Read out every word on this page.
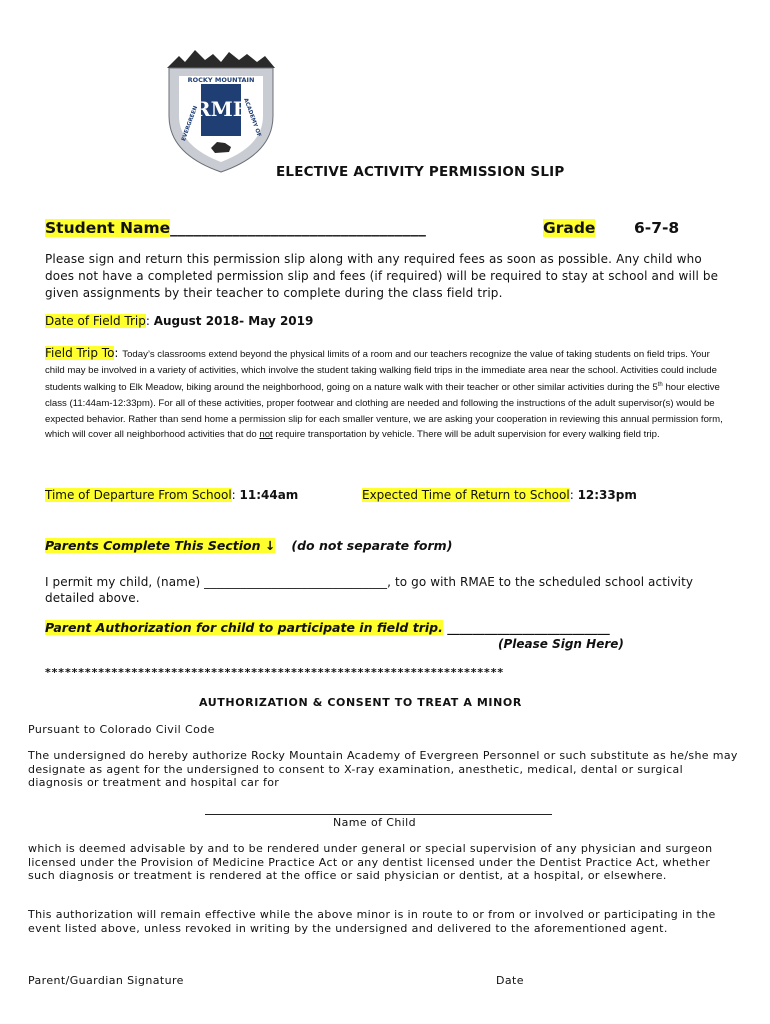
RME
ROCKY MOUNTAIN
EVERGREEN	ACADEMY OF
ELECTIVE ACTIVITY PERMISSION SLIP
Student Name_________________________________	Grade 6-7-8
Please sign and return this permission slip along with any required fees as soon as possible. Any child who does not have a completed permission slip and fees (if required) will be required to stay at school and will be given assignments by their teacher to complete during the class field trip.
Date of Field Trip: August 2018- May 2019
Field Trip To: Today’s classrooms extend beyond the physical limits of a room and our teachers recognize the value of taking students on field trips. Your child may be involved in a variety of activities, which involve the student taking walking field trips in the immediate area near the school. Activities could include students walking to Elk Meadow, biking around the neighborhood, going on a nature walk with their teacher or other similar activities during the 5th hour elective class (11:44am-12:33pm). For all of these activities, proper footwear and clothing are needed and following the instructions of the adult supervisor(s) would be expected behavior. Rather than send home a permission slip for each smaller venture, we are asking your cooperation in reviewing this annual permission form, which will cover all neighborhood activities that do not require transportation by vehicle. There will be adult supervision for every walking field trip.
Time of Departure From School: 11:44am	Expected Time of Return to School: 12:33pm
Parents Complete This Section ↓ (do not separate form)
I permit my child, (name) ______________________________, to go with RMAE to the scheduled school activity detailed above.
Parent Authorization for child to participate in field trip. __________________________
(Please Sign Here)
*********************************************************************
AUTHORIZATION & CONSENT TO TREAT A MINOR
Pursuant to Colorado Civil Code
The undersigned do hereby authorize Rocky Mountain Academy of Evergreen Personnel or such substitute as he/she may designate as agent for the undersigned to consent to X-ray examination, anesthetic, medical, dental or surgical diagnosis or treatment and hospital car for
Name of Child
which is deemed advisable by and to be rendered under general or special supervision of any physician and surgeon licensed under the Provision of Medicine Practice Act or any dentist licensed under the Dentist Practice Act, whether such diagnosis or treatment is rendered at the office or said physician or dentist, at a hospital, or elsewhere.
This authorization will remain effective while the above minor is in route to or from or involved or participating in the event listed above, unless revoked in writing by the undersigned and delivered to the aforementioned agent.
Parent/Guardian Signature	Date
